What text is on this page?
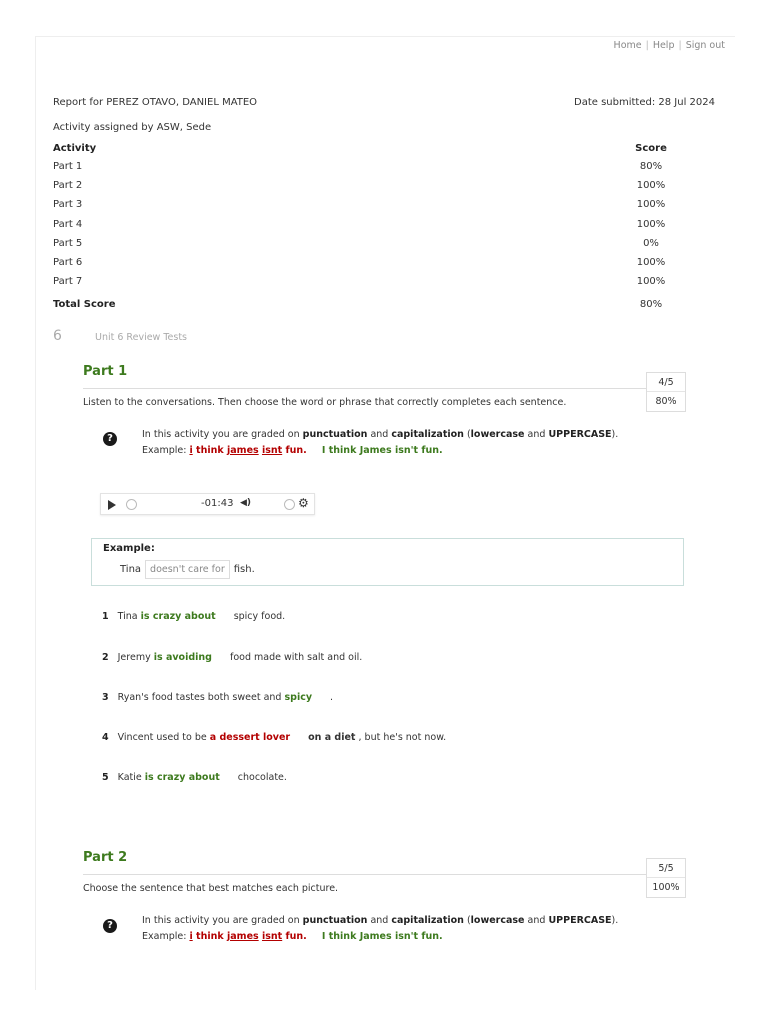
Home | Help | Sign out
Report for PEREZ OTAVO, DANIEL MATEO	Date submitted: 28 Jul 2024
Activity assigned by ASW, Sede
Activity	Score
Part 1	80%
Part 2	100%
Part 3	100%
Part 4	100%
Part 5	0%
Part 6	100%
Part 7	100%
Total Score	80%
6	Unit 6 Review Tests
Part 1
4/5
80%
Listen to the conversations. Then choose the word or phrase that correctly completes each sentence.
?	In this activity you are graded on punctuation and capitalization (lowercase and UPPERCASE).
Example: i think james isnt fun. I think James isn't fun.
-01:43 ◀)	⚙
Example:
Tina doesn't care for fish.
1 Tina is crazy about spicy food.
2 Jeremy is avoiding food made with salt and oil.
3 Ryan's food tastes both sweet and spicy .
4 Vincent used to be a dessert lover on a diet , but he's not now.
5 Katie is crazy about chocolate.
Part 2
5/5
100%
Choose the sentence that best matches each picture.
?	In this activity you are graded on punctuation and capitalization (lowercase and UPPERCASE).
Example: i think james isnt fun. I think James isn't fun.
